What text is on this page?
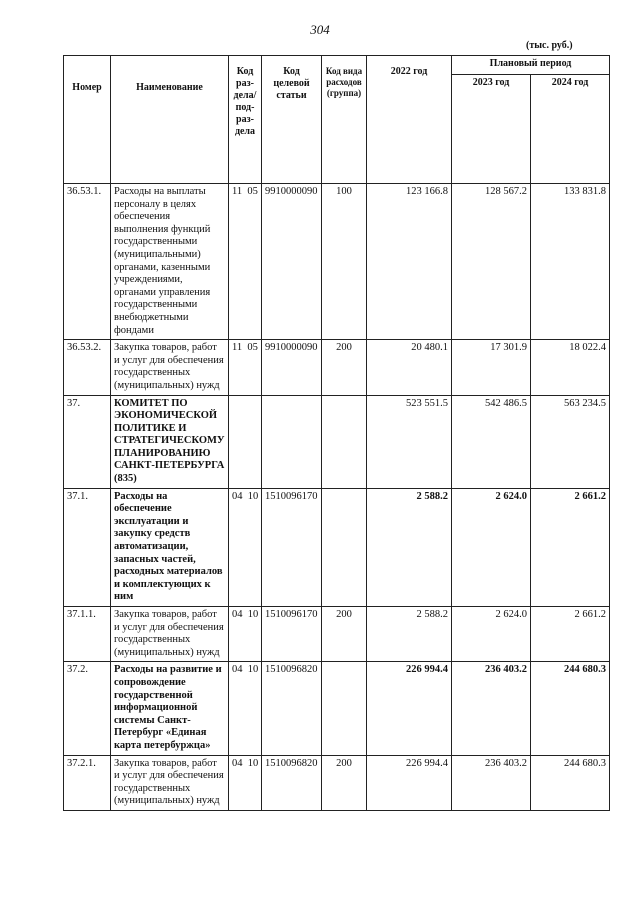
304
(тыс. руб.)
Номер	Наименование	Код раз-дела/ под-раз-дела	Код целевой статьи	Код вида расходов (группа)	2022 год	Плановый период	
						2023 год	2024 год
36.53.1.	Расходы на выплаты персоналу в целях обеспечения выполнения функций государственными (муниципальными) органами, казенными учреждениями, органами управления государственными внебюджетными фондами	11 05	9910000090	100	123 166.8	128 567.2	133 831.8
36.53.2.	Закупка товаров, работ и услуг для обеспечения государственных (муниципальных) нужд	11 05	9910000090	200	20 480.1	17 301.9	18 022.4
37.	КОМИТЕТ ПО ЭКОНОМИЧЕСКОЙ ПОЛИТИКЕ И СТРАТЕГИЧЕСКОМУ ПЛАНИРОВАНИЮ САНКТ-ПЕТЕРБУРГА (835)				523 551.5	542 486.5	563 234.5
37.1.	Расходы на обеспечение эксплуатации и закупку средств автоматизации, запасных частей, расходных материалов и комплектующих к ним	04 10	1510096170		2 588.2	2 624.0	2 661.2
37.1.1.	Закупка товаров, работ и услуг для обеспечения государственных (муниципальных) нужд	04 10	1510096170	200	2 588.2	2 624.0	2 661.2
37.2.	Расходы на развитие и сопровождение государственной информационной системы Санкт-Петербург «Единая карта петербуржца»	04 10	1510096820		226 994.4	236 403.2	244 680.3
37.2.1.	Закупка товаров, работ и услуг для обеспечения государственных (муниципальных) нужд	04 10	1510096820	200	226 994.4	236 403.2	244 680.3
